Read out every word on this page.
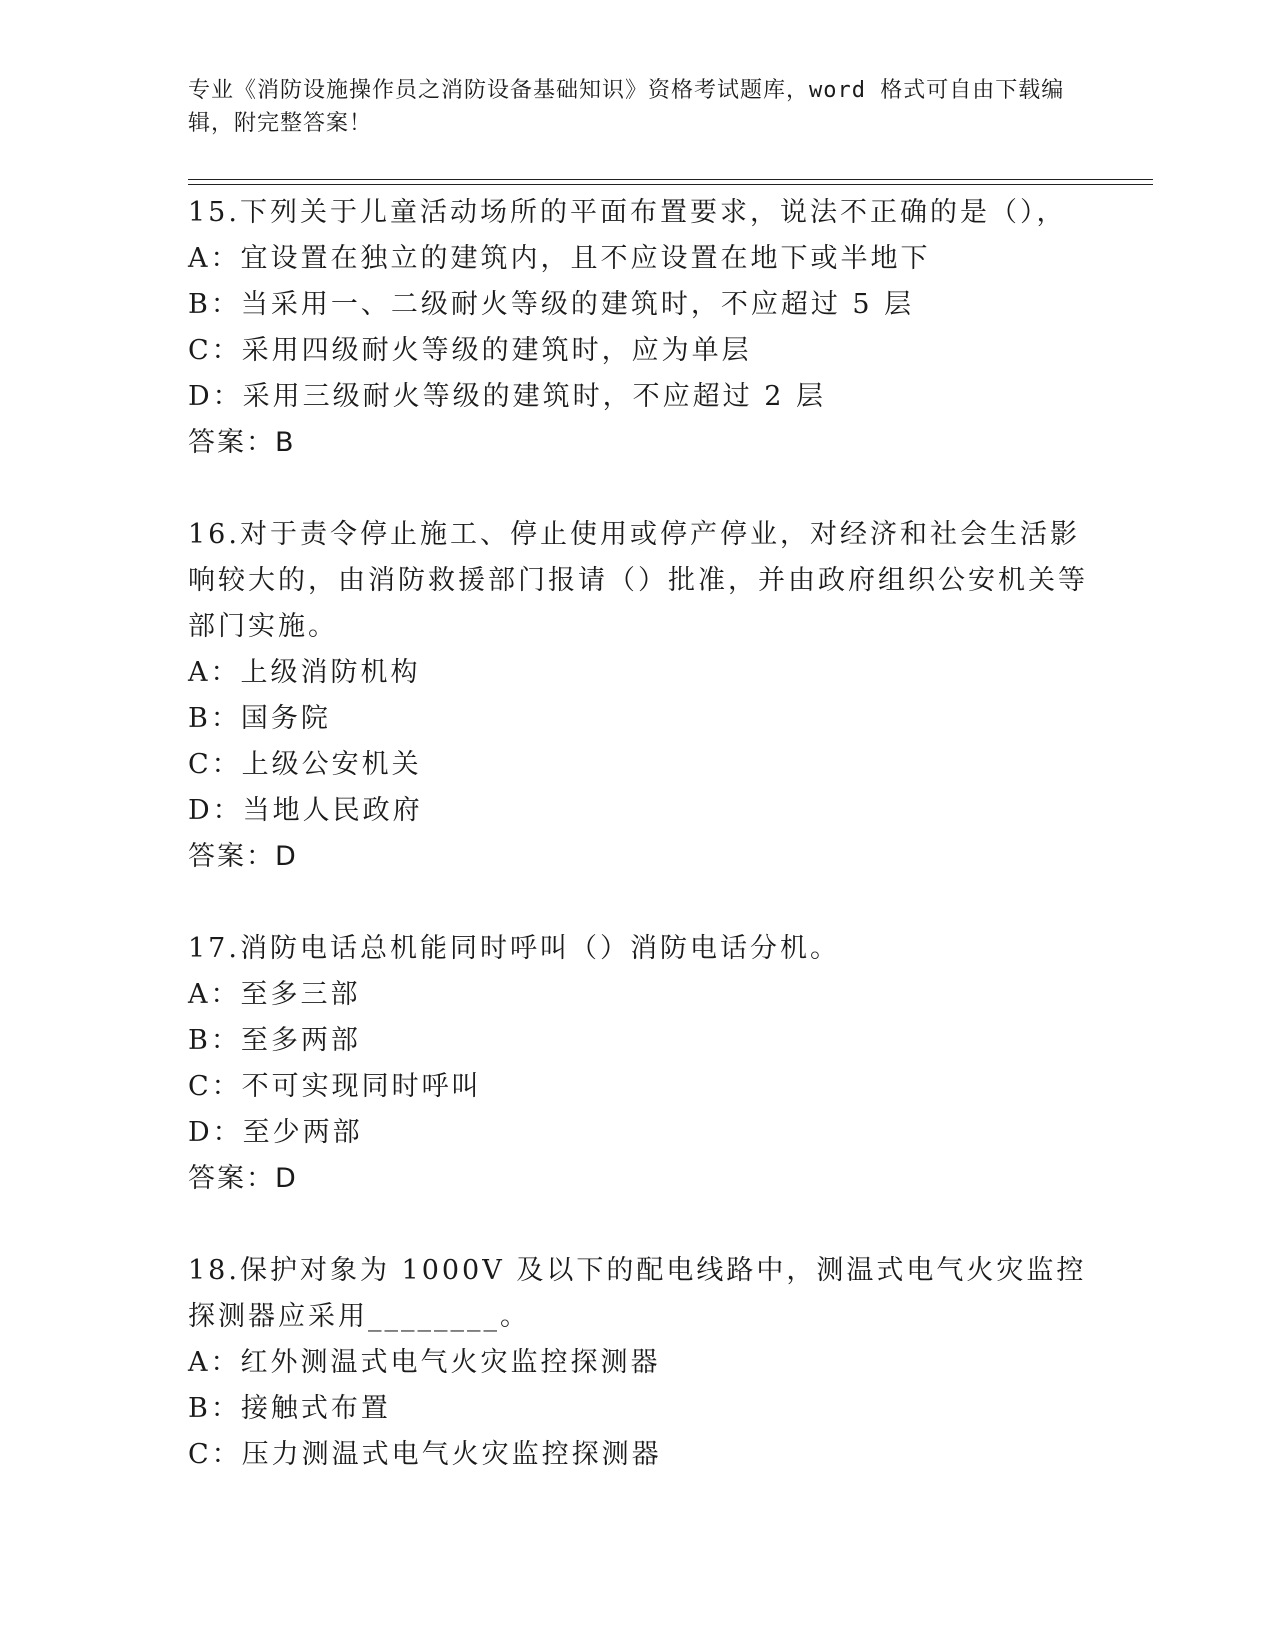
专业《消防设施操作员之消防设备基础知识》资格考试题库，word 格式可自由下载编辑，附完整答案！
15.下列关于儿童活动场所的平面布置要求，说法不正确的是（），
A：宜设置在独立的建筑内，且不应设置在地下或半地下
B：当采用一、二级耐火等级的建筑时，不应超过 5 层
C：采用四级耐火等级的建筑时，应为单层
D：采用三级耐火等级的建筑时，不应超过 2 层
答案：B
16.对于责令停止施工、停止使用或停产停业，对经济和社会生活影响较大的，由消防救援部门报请（）批准，并由政府组织公安机关等部门实施。
A：上级消防机构
B：国务院
C：上级公安机关
D：当地人民政府
答案：D
17.消防电话总机能同时呼叫（）消防电话分机。
A：至多三部
B：至多两部
C：不可实现同时呼叫
D：至少两部
答案：D
18.保护对象为 1000V 及以下的配电线路中，测温式电气火灾监控探测器应采用________。
A：红外测温式电气火灾监控探测器
B：接触式布置
C：压力测温式电气火灾监控探测器
